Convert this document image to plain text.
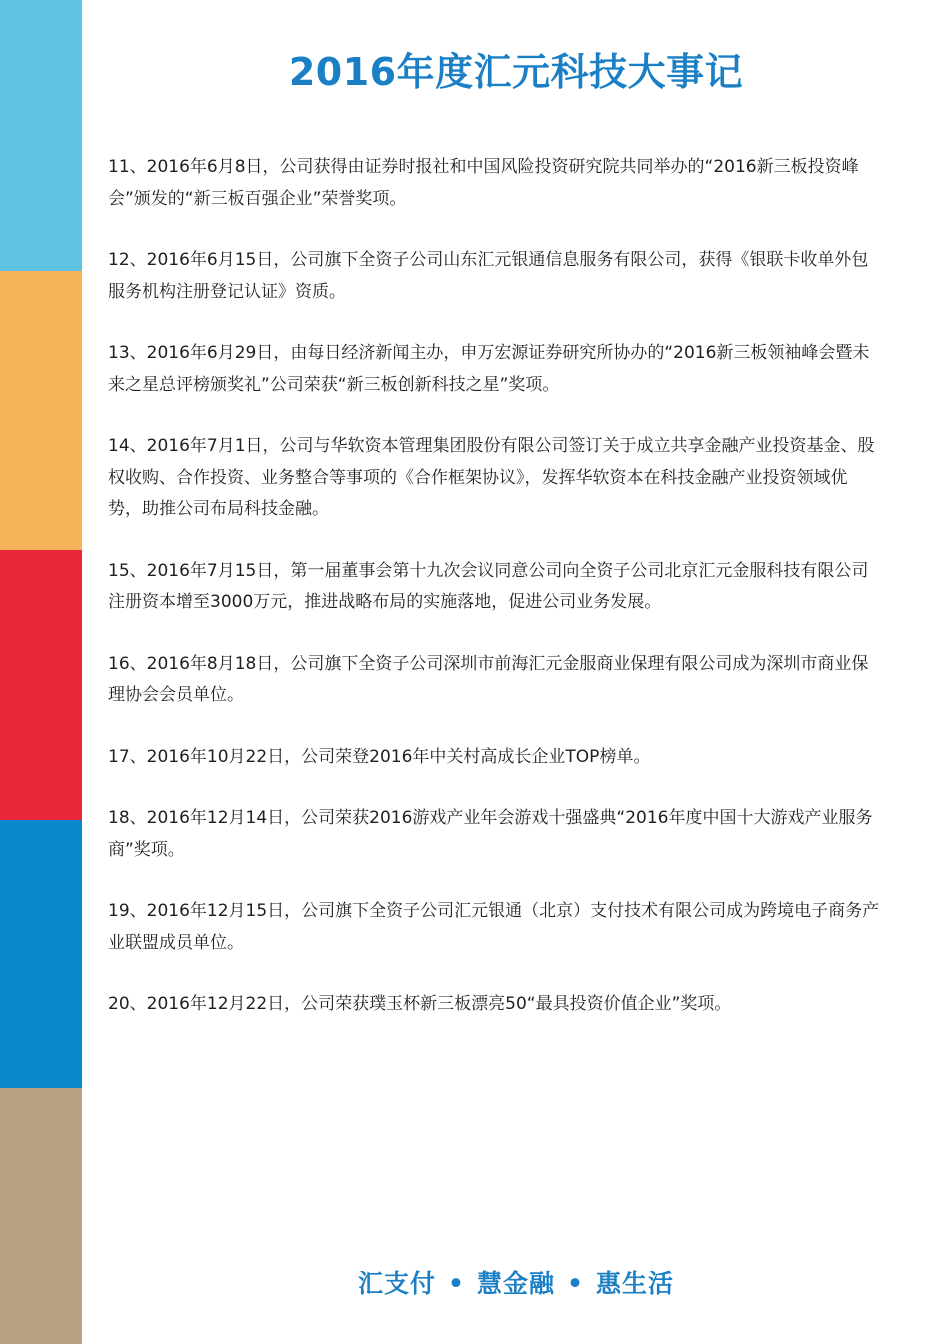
2016年度汇元科技大事记
11、2016年6月8日，公司获得由证券时报社和中国风险投资研究院共同举办的“2016新三板投资峰会”颁发的“新三板百强企业”荣誉奖项。
12、2016年6月15日，公司旗下全资子公司山东汇元银通信息服务有限公司，获得《银联卡收单外包服务机构注册登记认证》资质。
13、2016年6月29日，由每日经济新闻主办，申万宏源证券研究所协办的“2016新三板领袖峰会暨未来之星总评榜颁奖礼”公司荣获“新三板创新科技之星”奖项。
14、2016年7月1日，公司与华软资本管理集团股份有限公司签订关于成立共享金融产业投资基金、股权收购、合作投资、业务整合等事项的《合作框架协议》，发挥华软资本在科技金融产业投资领域优势，助推公司布局科技金融。
15、2016年7月15日，第一届董事会第十九次会议同意公司向全资子公司北京汇元金服科技有限公司注册资本增至3000万元，推进战略布局的实施落地，促进公司业务发展。
16、2016年8月18日，公司旗下全资子公司深圳市前海汇元金服商业保理有限公司成为深圳市商业保理协会会员单位。
17、2016年10月22日，公司荣登2016年中关村高成长企业TOP榜单。
18、2016年12月14日，公司荣获2016游戏产业年会游戏十强盛典“2016年度中国十大游戏产业服务商”奖项。
19、2016年12月15日，公司旗下全资子公司汇元银通（北京）支付技术有限公司成为跨境电子商务产业联盟成员单位。
20、2016年12月22日，公司荣获璞玉杯新三板漂亮50“最具投资价值企业”奖项。
汇支付 • 慧金融 • 惠生活
